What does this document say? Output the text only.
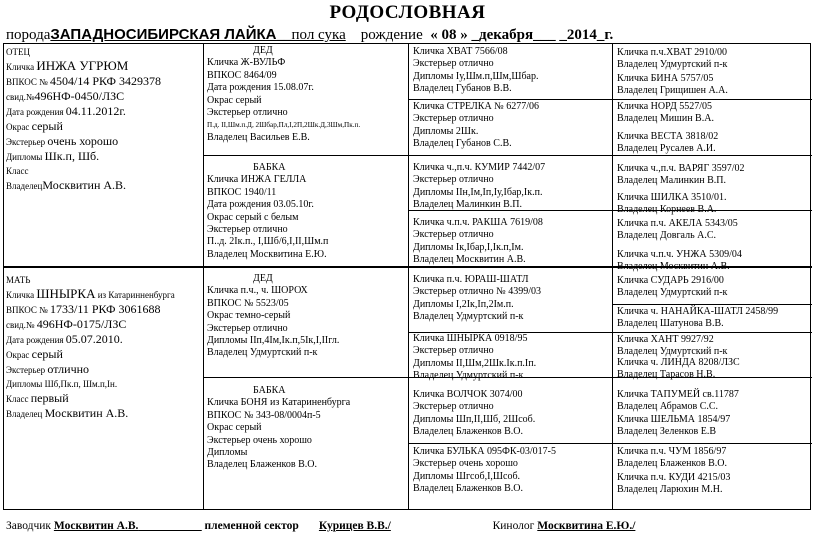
РОДОСЛОВНАЯ
породаЗАПАДНОСИБИРСКАЯ ЛАЙКА__пол сука рождение « 08 » _декабря___ _2014_г.
ОТЕЦ
Кличка ИНЖА УГРЮМ
ВПКОС № 4504/14 РКФ 3429378
свид.№496НФ-0450/ЛЗС
Дата рождения 04.11.2012г.
Окрас серый
Экстерьер очень хорошо
Дипломы Шк.п, Шб.
Класс
ВладелецМосквитин А.В.
МАТЬ
Кличка ШНЫРКА из Катаринненбурга
ВПКОС № 1733/11 РКФ 3061688
свид.№ 496НФ-0175/ЛЗС
Дата рождения 05.07.2010.
Окрас серый
Экстерьер отлично
Дипломы Шб,Пк.п, Шм.п,Iн.
Класс первый
Владелец Москвитин А.В.
ДЕД
Кличка Ж-ВУЛЬФ
ВПКОС 8464/09
Дата рождения 15.08.07г.
Окрас серый
Экстерьер отлично
П.д. II,Шм.п.Д, 2Шбар,Пл,I,2П,2Шк.Д,3Шм,Пк.п.
Владелец Васильев Е.В.
БАБКА
Кличка ИНЖА ГЕЛЛА
ВПКОС 1940/11
Дата рождения 03.05.10г.
Окрас серый с белым
Экстерьер отлично
П..д. 2Iк.п., I,Шб/6,I,II,Шм.п
Владелец Москвитина Е.Ю.
ДЕД
Кличка п.ч., ч. ШОРОХ
ВПКОС № 5523/05
Окрас темно-серый
Экстерьер отлично
Дипломы IIп,4Iм,Iк.п,5Iк,I,IIгл.
Владелец Удмуртский п-к
БАБКА
Кличка БОНЯ из Катариненбурга
ВПКОС № 343-08/0004п-5
Окрас серый
Экстерьер очень хорошо
Дипломы
Владелец Блаженков В.О.
Кличка ХВАТ 7566/08
Экстерьер отлично
Дипломы Iу,Шм.п,Шм,Шбар.
Владелец Губанов В.В.
Кличка СТРЕЛКА № 6277/06
Экстерьер отлично
Дипломы 2Шк.
Владелец Губанов С.В.
Кличка ч.,п.ч. КУМИР 7442/07
Экстерьер отлично
Дипломы IIн,Iм,Iп,Iу,Iбар,Iк.п.
Владелец Малинкин В.П.
Кличка ч.п.ч. РАКША 7619/08
Экстерьер отлично
Дипломы Iк,Iбар,I,Iк.п,Iм.
Владелец Москвитин А.В.
Кличка п.ч. ЮРАШ-ШАТЛ
Экстерьер отлично № 4399/03
Дипломы I,2Iк,Iп,2Iм.п.
Владелец Удмуртский п-к
Кличка ШНЫРКА 0918/95
Экстерьер отлично
Дипломы II,Шм,2Шк.Iк.п.Iп.
Владелец Удмуртский п-к
Кличка ВОЛЧОК 3074/00
Экстерьер отлично
Дипломы Шп,II,Шб, 2Шсоб.
Владелец Блаженков В.О.
Кличка БУЛЬКА 095ФК-03/017-5
Экстерьер очень хорошо
Дипломы Шгсоб,I,Шсоб.
Владелец Блаженков В.О.
Кличка п.ч.ХВАТ 2910/00
Владелец Удмуртский п-к
Кличка БИНА 5757/05
Владелец Грищишен А.А.
Кличка НОРД 5527/05
Владелец Мишин В.А.
Кличка ВЕСТА 3818/02
Владелец Русалев А.И.
Кличка ч.,п.ч. ВАРЯГ 3597/02
Владелец Малинкин В.П.
Кличка ШИЛКА 3510/01.
Владелец Корнеев В.А.
Кличка п.ч. АКЕЛА 5343/05
Владелец Довгаль А.С.
Кличка ч.п.ч. УНЖА 5309/04
Владелец Москвитин А.В.
Кличка СУДАРЬ 2916/00
Владелец Удмуртский п-к
Кличка ч. НАНАЙКА-ШАТЛ 2458/99
Владелец Шатунова В.В.
Кличка ХАНТ 9927/92
Владелец Удмуртский п-к
Кличка ч. ЛИНДА 8208/ЛЗС
Владелец Тарасов Н.В.
Кличка ТАПУМЕЙ св.11787
Владелец Абрамов С.С.
Кличка ШЕЛЬМА 1854/97
Владелец Зеленков Е.В
Кличка п.ч. ЧУМ 1856/97
Владелец Блаженков В.О.
Кличка п.ч. КУДИ 4215/03
Владелец Ларюхин М.Н.
Заводчик Москвитин А.В.___________ племенной сектор Курицев В.В./	Кинолог Москвитина Е.Ю./
